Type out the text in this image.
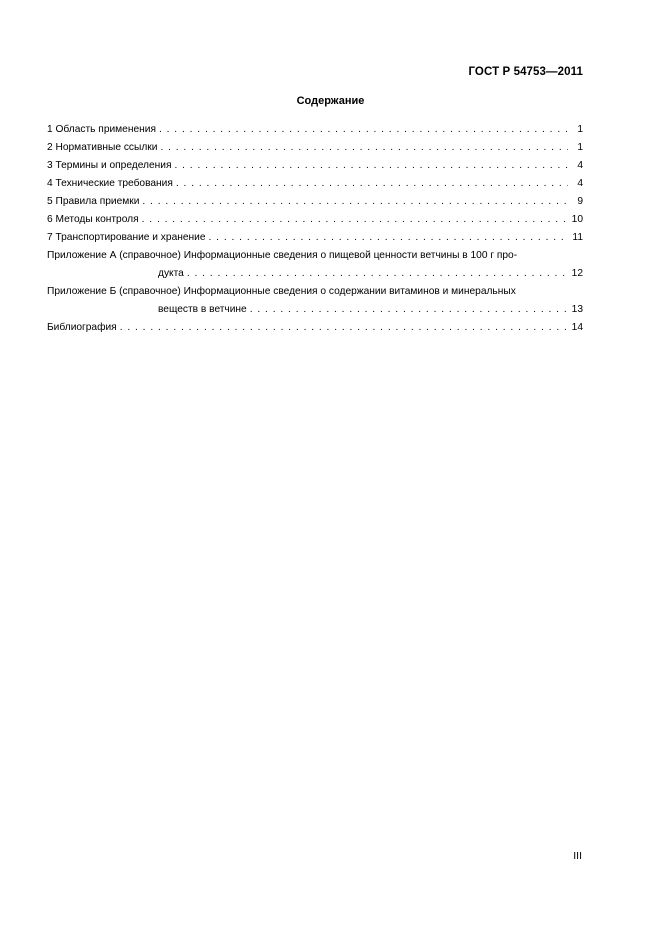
ГОСТ Р 54753—2011
Содержание
1 Область применения . . .	1
2 Нормативные ссылки . . .	1
3 Термины и определения . . .	4
4 Технические требования . . .	4
5 Правила приемки . . .	9
6 Методы контроля . . .	10
7 Транспортирование и хранение . . .	11
Приложение А (справочное) Информационные сведения о пищевой ценности ветчины в 100 г про-
дукта . . .	12
Приложение Б (справочное) Информационные сведения о содержании витаминов и минеральных
веществ в ветчине . . .	13
Библиография . . .	14
III
